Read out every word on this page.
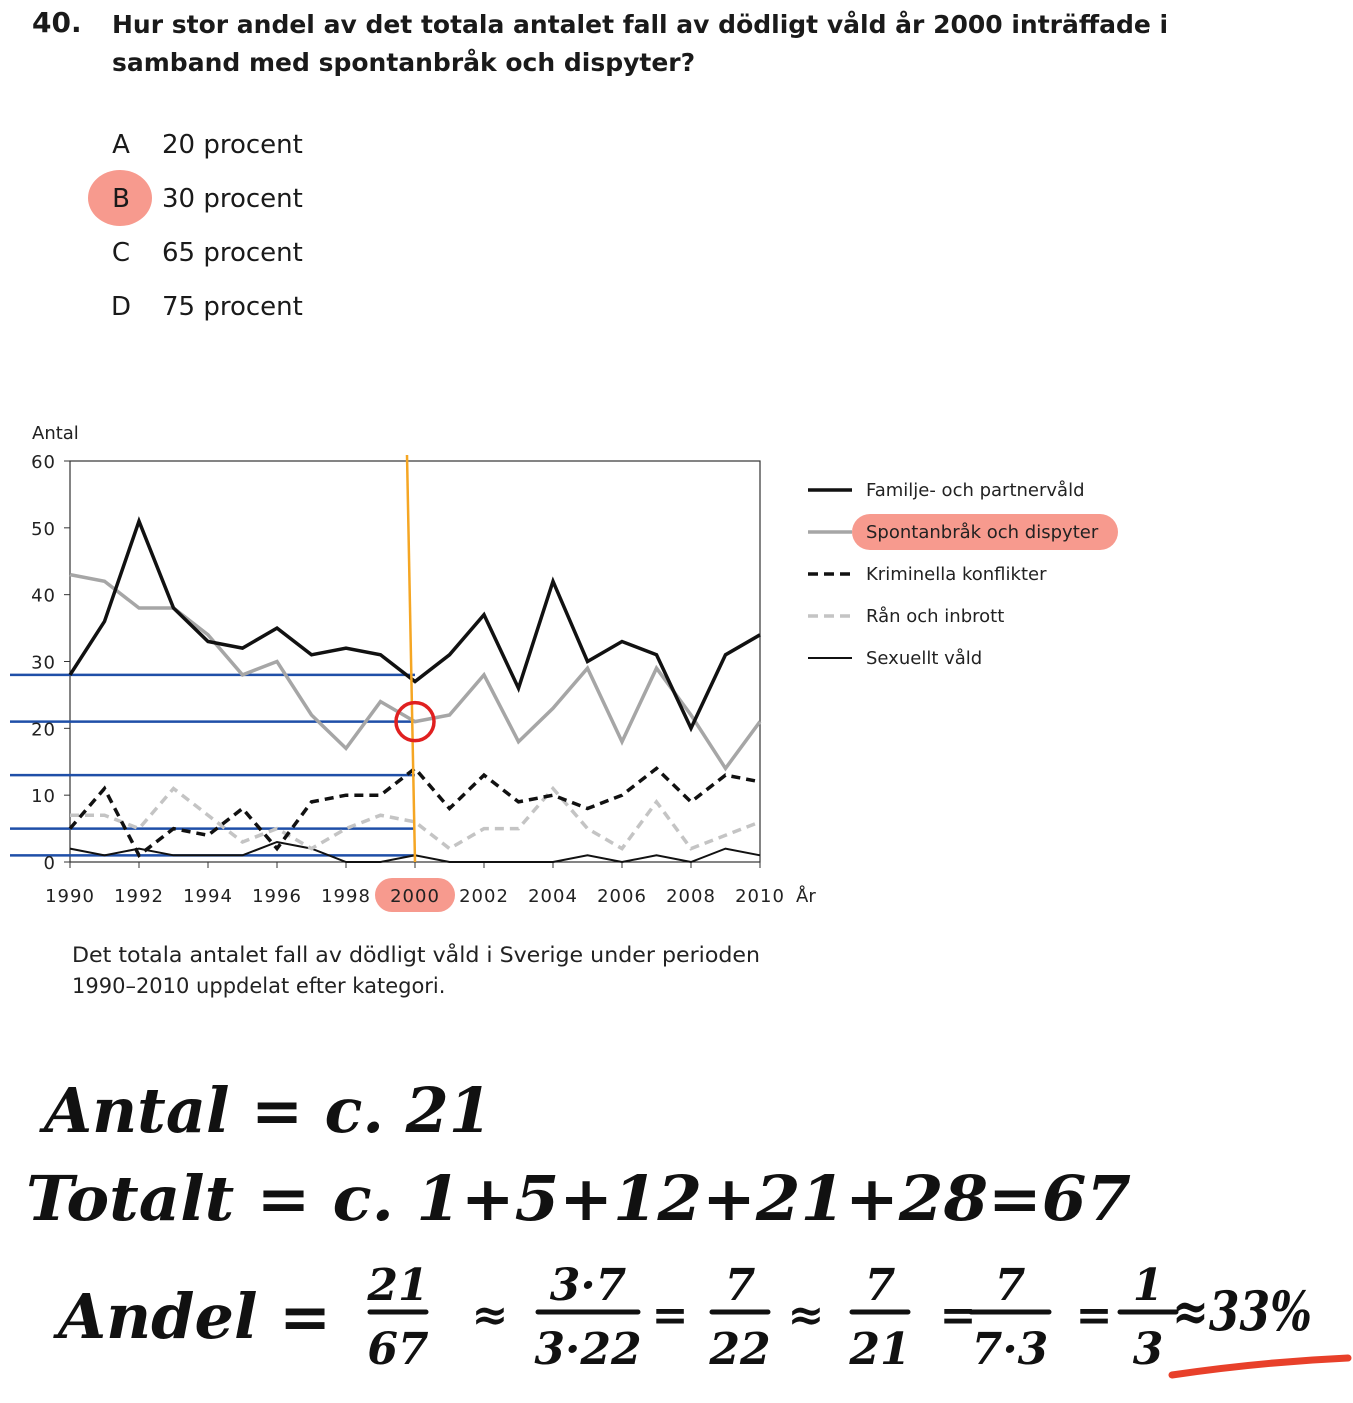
40. Hur stor andel av det totala antalet fall av dödligt våld år 2000 inträffade i samband med spontanbråk och dispyter?
A	20 procent
B	30 procent
C	65 procent
D	75 procent
Familje- och partnervåld
Spontanbråk och dispyter
Kriminella konflikter
Rån och inbrott
Sexuellt våld
0
10
20
30
40
50
60
1990 1992 1994 1996 1998 2000 2002 2004 2006 2008 2010
Antal
År
Det totala antalet fall av dödligt våld i Sverige under perioden
1990–2010 uppdelat efter kategori.
Antal = c. 21
Totalt = c. 1+5+12+21+28=67
Andel = 21
67
3·7
3·22
7
22
7
21
7
7·3
1
3
≈	= ≈	= = ≈33%
